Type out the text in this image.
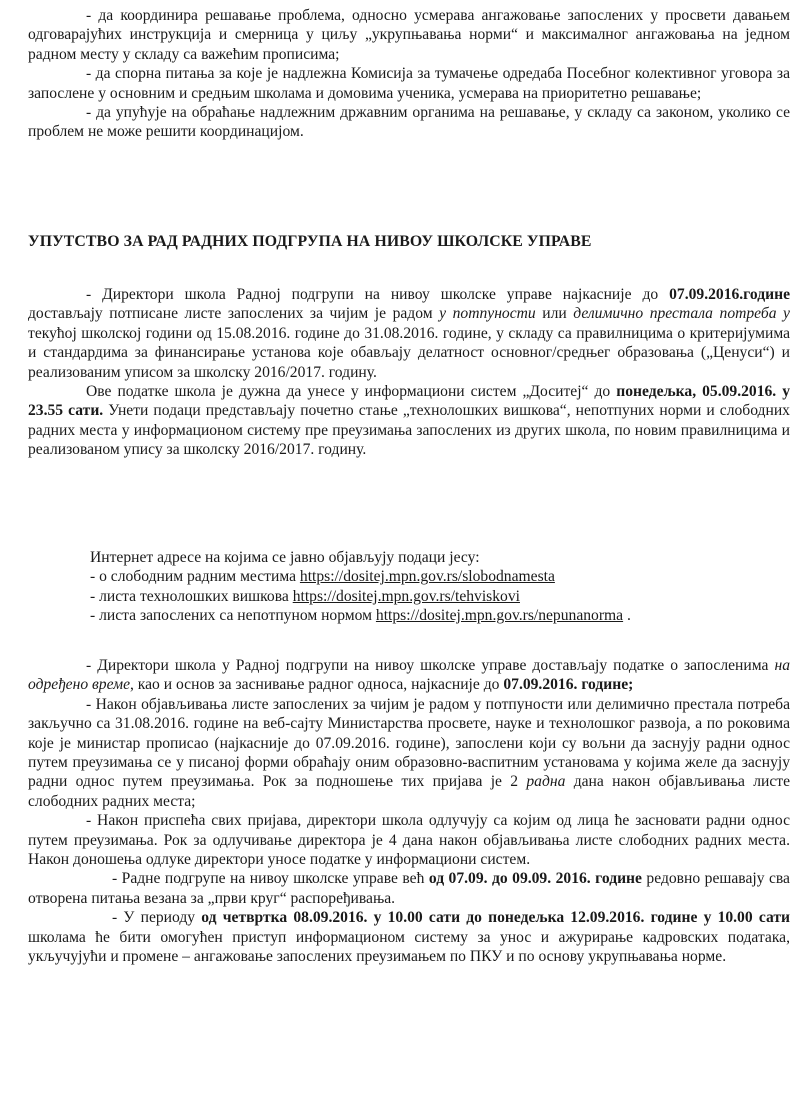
- да координира решавање проблема, односно усмерава ангажовање запослених у просвети давањем одговарајућих инструкција и смерница у циљу „укрупњавања норми“ и максималног ангажовања на једном радном месту у складу са важећим прописима;

- да спорна питања за које је надлежна Комисија за тумачење одредаба Посебног колективног уговора за запослене у основним и средњим школама и домовима ученика, усмерава на приоритетно решавање;

- да упућује на обраћање надлежним државним органима на решавање, у складу са законом, уколико се проблем не може решити координацијом.

УПУТСТВО ЗА РАД РАДНИХ ПОДГРУПА НА НИВОУ ШКОЛСКЕ УПРАВЕ

- Директори школа Радној подгрупи на нивоу школске управе најкасније до 07.09.2016.године достављају потписане листе запослених за чијим је радом у потпуности или делимично престала потреба у текућој школској години од 15.08.2016. године до 31.08.2016. године, у складу са правилницима о критеријумима и стандардима за финансирање установа које обављају делатност основног/средњег образовања („Ценуси“) и реализованим уписом за школску 2016/2017. годину.

Ове податке школа је дужна да унесе у информациони систем „Доситеј“ до понедељка, 05.09.2016. у 23.55 сати. Унети подаци представљају почетно стање „технолошких вишкова“, непотпуних норми и слободних радних места у информационом систему пре преузимања запослених из других школа, по новим правилницима и реализованом упису за школску 2016/2017. годину.

Интернет адресе на којима се јавно објављују подаци јесу:

- о слободним радним местима https://dositej.mpn.gov.rs/slobodnamesta

- листа технолошких вишкова https://dositej.mpn.gov.rs/tehviskovi

- листа запослених са непотпуном нормом https://dositej.mpn.gov.rs/nepunanorma .

- Директори школа у Радној подгрупи на нивоу школске управе достављају податке о запосленима на одређено време, као и основ за заснивање радног односа, најкасније до 07.09.2016. године;

- Након објављивања листе запослених за чијим је радом у потпуности или делимично престала потреба закључно са 31.08.2016. године на веб-сајту Министарства просвете, науке и технолошког развоја, а по роковима које је министар прописао (најкасније до 07.09.2016. године), запослени који су вољни да заснују радни однос путем преузимања се у писаној форми обраћају оним образовно-васпитним установама у којима желе да заснују радни однос путем преузимања. Рок за подношење тих пријава је 2 радна дана након објављивања листе слободних радних места;

- Након приспећа свих пријава, директори школа одлучују са којим од лица ће засновати радни однос путем преузимања. Рок за одлучивање директора је 4 дана након објављивања листе слободних радних места. Након доношења одлуке директори уносе податке у информациони систем.

- Радне подгрупе на нивоу школске управе већ од 07.09. до 09.09. 2016. године редовно решавају сва отворена питања везана за „први круг“ распоређивања.

- У периоду од четвртка 08.09.2016. у 10.00 сати до понедељка 12.09.2016. године у 10.00 сати школама ће бити омогућен приступ информационом систему за унос и ажурирање кадровских података, укључујући и промене – ангажовање запослених преузимањем по ПКУ и по основу укрупњавања норме.
